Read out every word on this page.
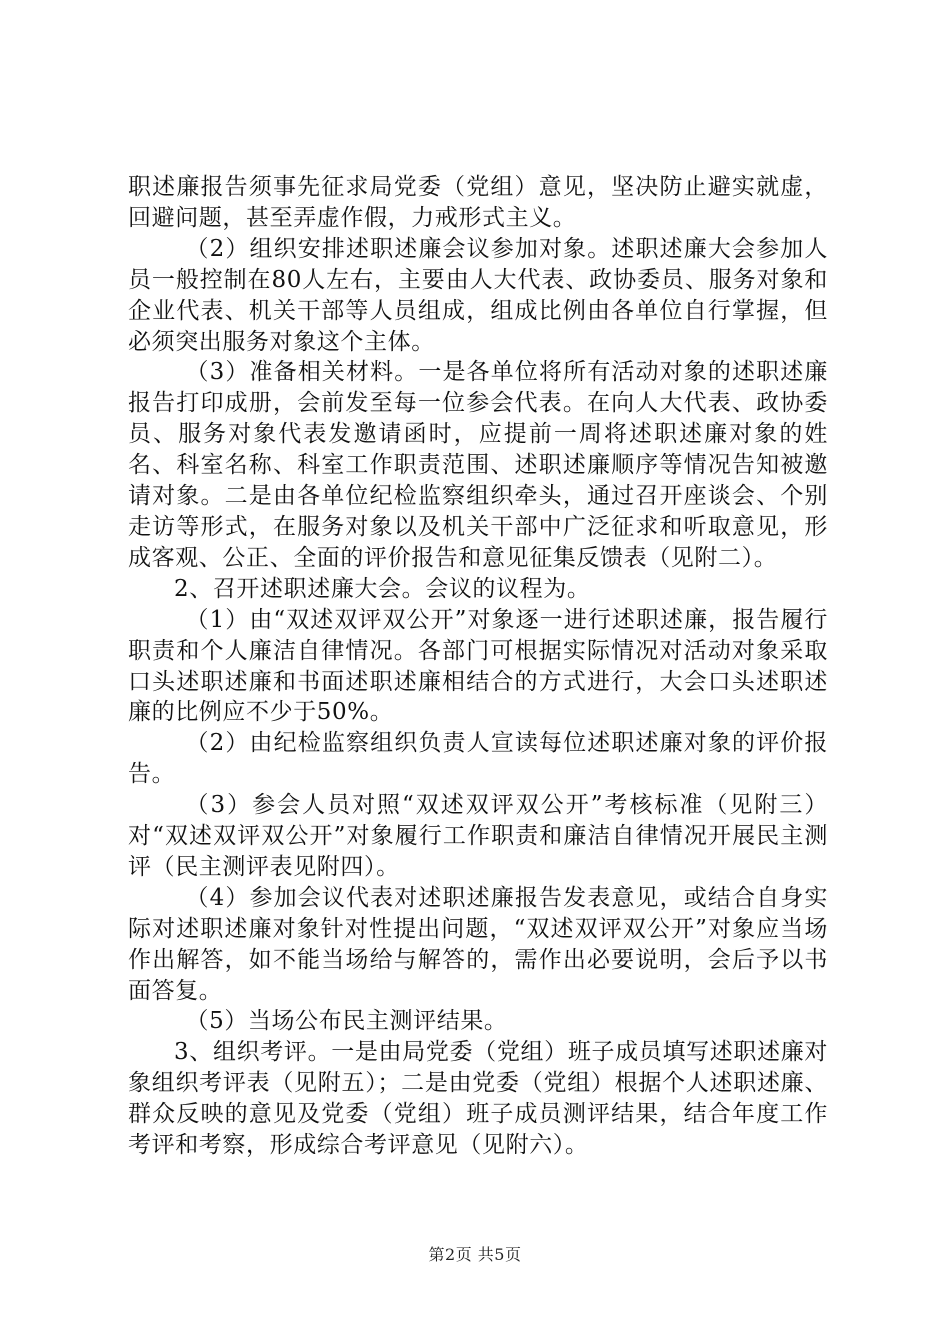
职述廉报告须事先征求局党委（党组）意见，坚决防止避实就虚，回避问题，甚至弄虚作假，力戒形式主义。

（2）组织安排述职述廉会议参加对象。述职述廉大会参加人员一般控制在80人左右，主要由人大代表、政协委员、服务对象和企业代表、机关干部等人员组成，组成比例由各单位自行掌握，但必须突出服务对象这个主体。

（3）准备相关材料。一是各单位将所有活动对象的述职述廉报告打印成册，会前发至每一位参会代表。在向人大代表、政协委员、服务对象代表发邀请函时，应提前一周将述职述廉对象的姓名、科室名称、科室工作职责范围、述职述廉顺序等情况告知被邀请对象。二是由各单位纪检监察组织牵头，通过召开座谈会、个别走访等形式，在服务对象以及机关干部中广泛征求和听取意见，形成客观、公正、全面的评价报告和意见征集反馈表（见附二）。

2、召开述职述廉大会。会议的议程为。

（1）由“双述双评双公开”对象逐一进行述职述廉，报告履行职责和个人廉洁自律情况。各部门可根据实际情况对活动对象采取口头述职述廉和书面述职述廉相结合的方式进行，大会口头述职述廉的比例应不少于50%。

（2）由纪检监察组织负责人宣读每位述职述廉对象的评价报告。

（3）参会人员对照“双述双评双公开”考核标准（见附三）对“双述双评双公开”对象履行工作职责和廉洁自律情况开展民主测评（民主测评表见附四）。

（4）参加会议代表对述职述廉报告发表意见，或结合自身实际对述职述廉对象针对性提出问题，“双述双评双公开”对象应当场作出解答，如不能当场给与解答的，需作出必要说明，会后予以书面答复。

（5）当场公布民主测评结果。

3、组织考评。一是由局党委（党组）班子成员填写述职述廉对象组织考评表（见附五）；二是由党委（党组）根据个人述职述廉、群众反映的意见及党委（党组）班子成员测评结果，结合年度工作考评和考察，形成综合考评意见（见附六）。

第2页 共5页
